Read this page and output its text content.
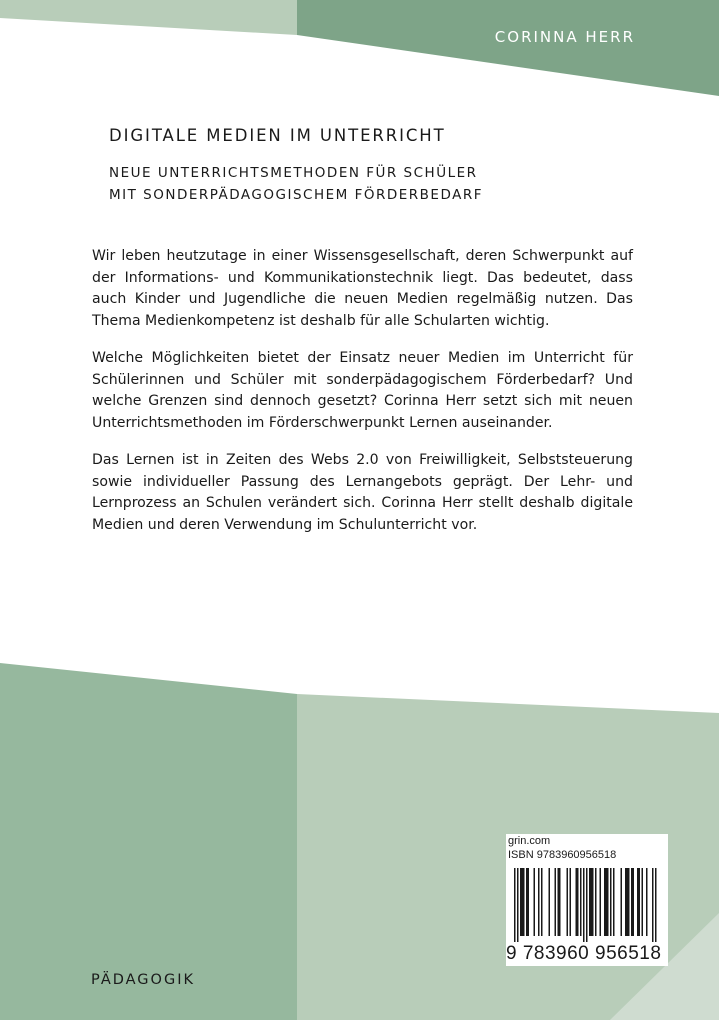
CORINNA HERR
DIGITALE MEDIEN IM UNTERRICHT
NEUE UNTERRICHTSMETHODEN FÜR SCHÜLER
MIT SONDERPÄDAGOGISCHEM FÖRDERBEDARF

Wir leben heutzutage in einer Wissensgesellschaft, deren Schwerpunkt auf der Informations- und Kommunikationstechnik liegt. Das bedeutet, dass auch Kinder und Jugendliche die neuen Medien regelmäßig nutzen. Das Thema Medienkompetenz ist deshalb für alle Schularten wichtig.

Welche Möglichkeiten bietet der Einsatz neuer Medien im Unterricht für Schülerinnen und Schüler mit sonderpädagogischem Förderbedarf? Und welche Grenzen sind dennoch gesetzt? Corinna Herr setzt sich mit neuen Unterrichtsmethoden im Förderschwerpunkt Lernen auseinander.

Das Lernen ist in Zeiten des Webs 2.0 von Freiwilligkeit, Selbststeuerung sowie individueller Passung des Lernangebots geprägt. Der Lehr- und Lernprozess an Schulen verändert sich. Corinna Herr stellt deshalb digitale Medien und deren Verwendung im Schulunterricht vor.

grin.com
ISBN 9783960956518
9 783960 956518
PÄDAGOGIK
